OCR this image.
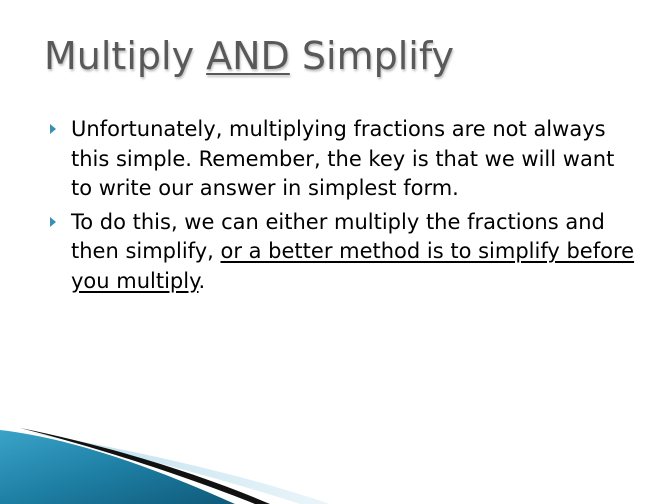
Multiply AND Simplify
Unfortunately, multiplying fractions are not always this simple. Remember, the key is that we will want to write our answer in simplest form.
To do this, we can either multiply the fractions and then simplify, or a better method is to simplify before you multiply.
